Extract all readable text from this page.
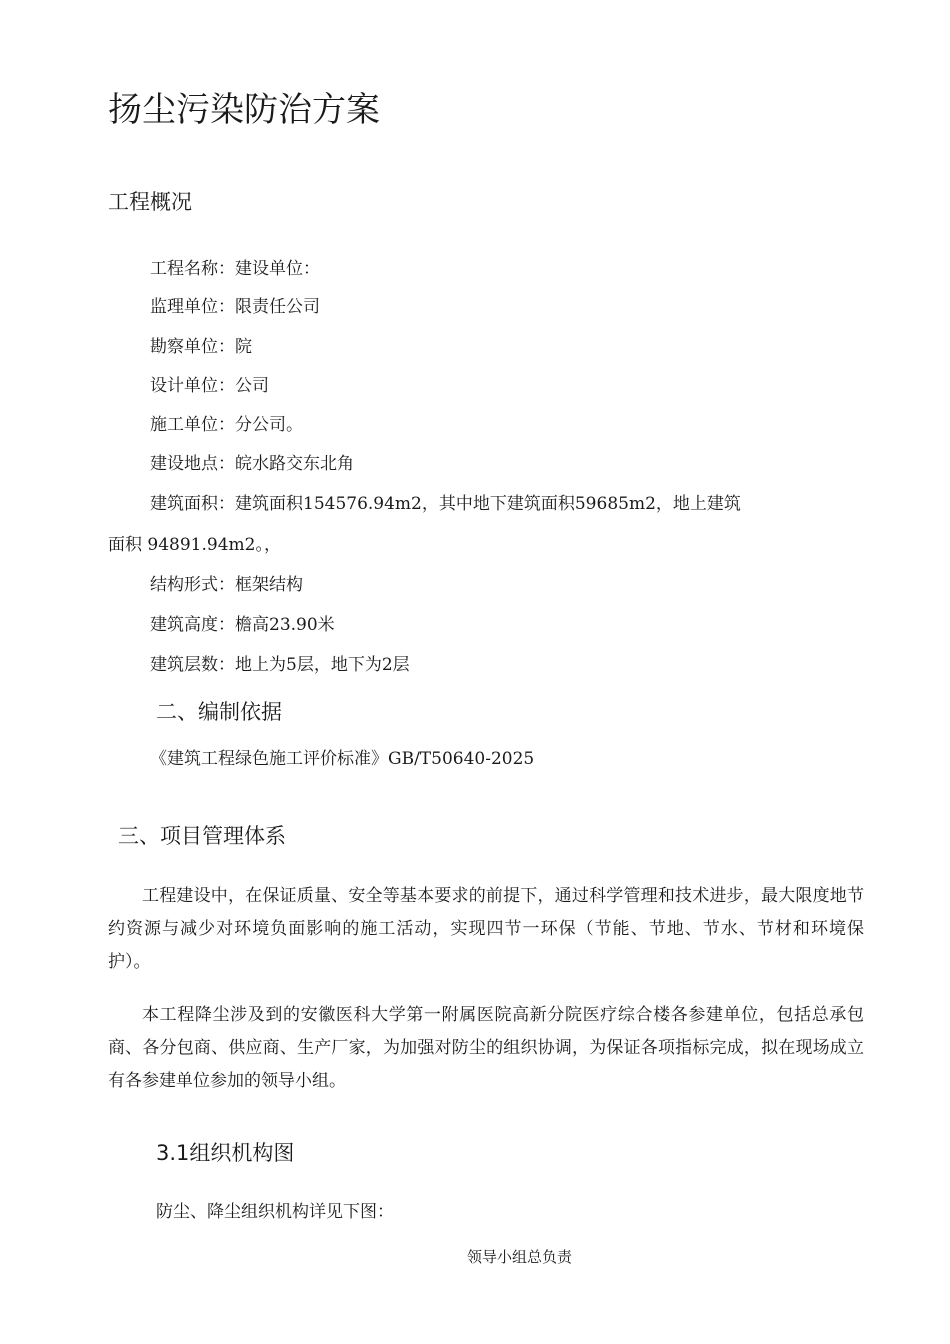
扬尘污染防治方案
工程概况
工程名称：建设单位：
监理单位：限责任公司
勘察单位：院
设计单位：公司
施工单位：分公司。
建设地点：皖水路交东北角
建筑面积：建筑面积154576.94m2，其中地下建筑面积59685m2，地上建筑
面积 94891.94m2。，
结构形式：框架结构
建筑高度：檐高23.90米
建筑层数：地上为5层，地下为2层
二、编制依据
《建筑工程绿色施工评价标准》GB/T50640-2025
三、项目管理体系
工程建设中，在保证质量、安全等基本要求的前提下，通过科学管理和技术进步，最大限度地节约资源与减少对环境负面影响的施工活动，实现四节一环保（节能、节地、节水、节材和环境保护）。
本工程降尘涉及到的安徽医科大学第一附属医院高新分院医疗综合楼各参建单位，包括总承包商、各分包商、供应商、生产厂家，为加强对防尘的组织协调，为保证各项指标完成，拟在现场成立有各参建单位参加的领导小组。
3.1组织机构图
防尘、降尘组织机构详见下图：
领导小组总负责
